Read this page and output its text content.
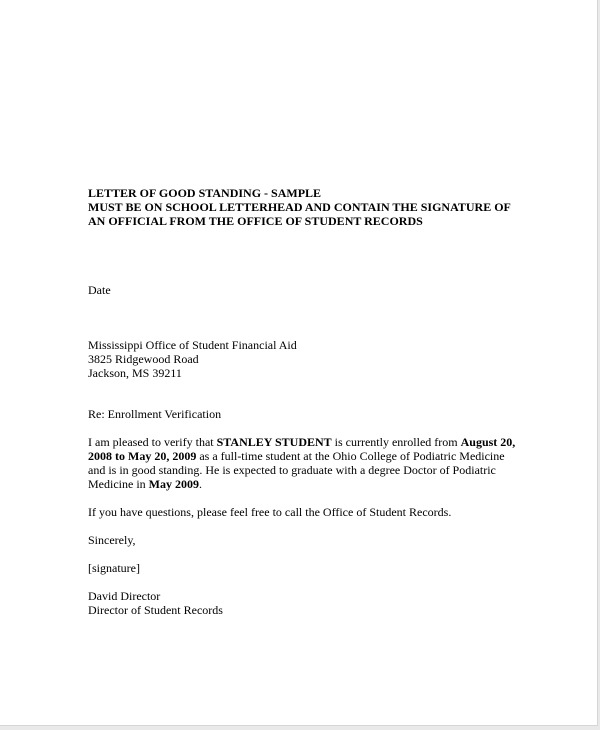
LETTER OF GOOD STANDING - SAMPLE
MUST BE ON SCHOOL LETTERHEAD AND CONTAIN THE SIGNATURE OF
AN OFFICIAL FROM THE OFFICE OF STUDENT RECORDS

Date

Mississippi Office of Student Financial Aid
3825 Ridgewood Road
Jackson, MS 39211

Re: Enrollment Verification

I am pleased to verify that STANLEY STUDENT is currently enrolled from August 20,
2008 to May 20, 2009 as a full-time student at the Ohio College of Podiatric Medicine
and is in good standing. He is expected to graduate with a degree Doctor of Podiatric
Medicine in May 2009.

If you have questions, please feel free to call the Office of Student Records.

Sincerely,

[signature]

David Director
Director of Student Records
